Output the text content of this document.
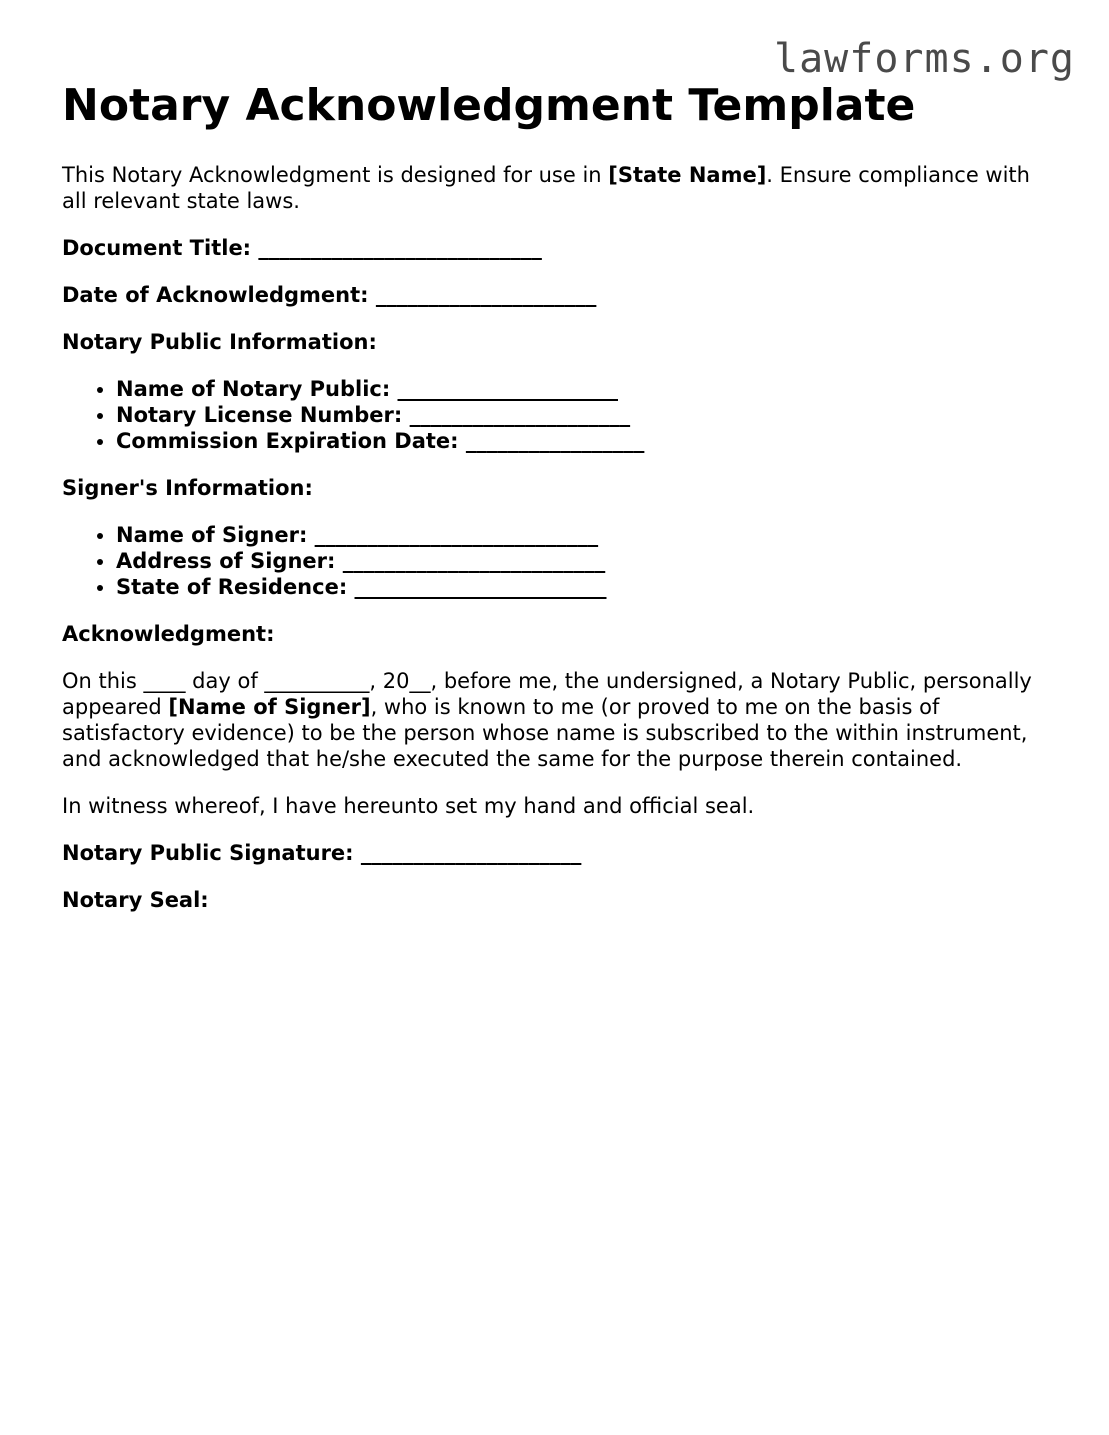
lawforms.org
Notary Acknowledgment Template

This Notary Acknowledgment is designed for use in [State Name]. Ensure compliance with all relevant state laws.

Document Title: ___________________________
Date of Acknowledgment: _____________________
Notary Public Information:
• Name of Notary Public: _____________________
• Notary License Number: _____________________
• Commission Expiration Date: _________________
Signer's Information:
• Name of Signer: ___________________________
• Address of Signer: _________________________
• State of Residence: ________________________
Acknowledgment:

On this ____ day of __________, 20__, before me, the undersigned, a Notary Public, personally appeared [Name of Signer], who is known to me (or proved to me on the basis of satisfactory evidence) to be the person whose name is subscribed to the within instrument, and acknowledged that he/she executed the same for the purpose therein contained.

In witness whereof, I have hereunto set my hand and official seal.

Notary Public Signature: _____________________
Notary Seal:
